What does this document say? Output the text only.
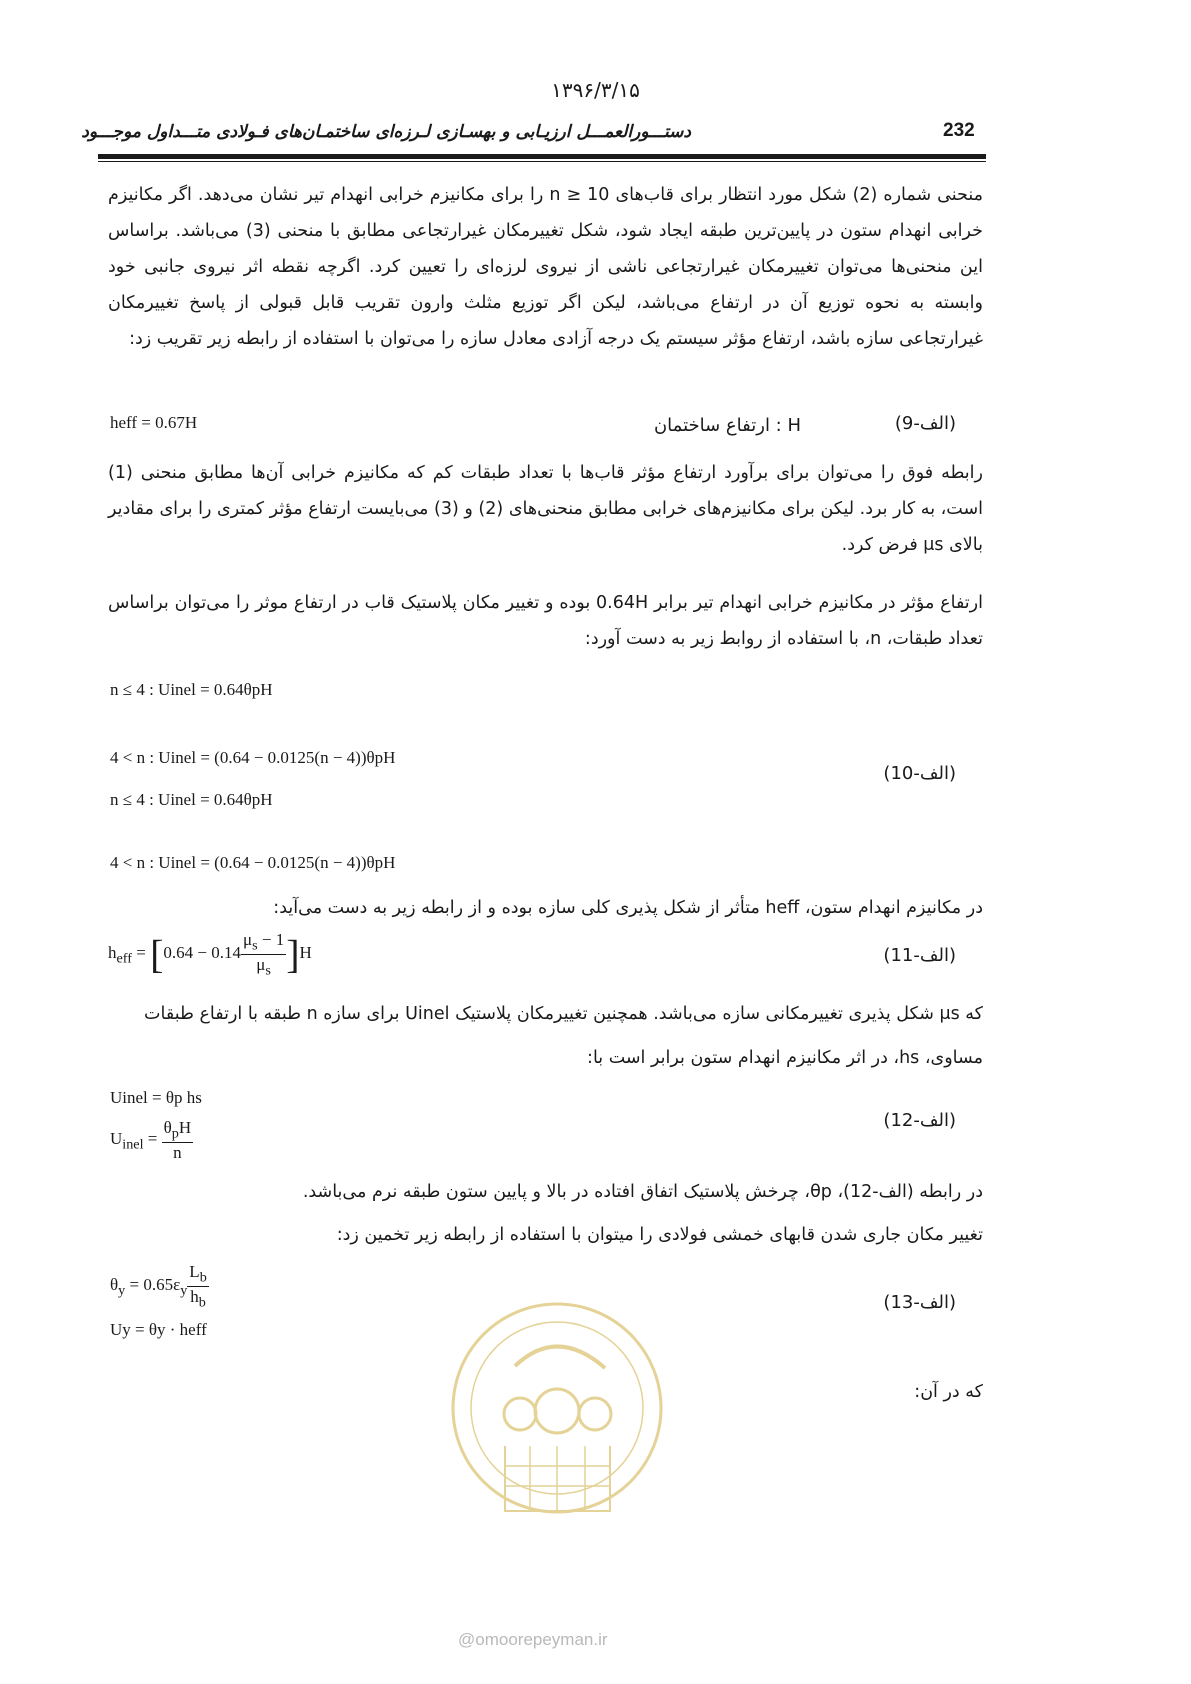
۱۳۹۶/۳/۱۵
دستـــورالعمـــل ارزیـابی و بهسـازی لـرزه‌ای ساختمـان‌های فـولادی متـــداول موجـــود	232
منحنی شماره (2) شکل مورد انتظار برای قاب‌های n ≥ 10 را برای مکانیزم خرابی انهدام تیر نشان می‌دهد. اگر مکانیزم خرابی انهدام ستون در پایین‌ترین طبقه ایجاد شود، شکل تغییرمکان غیرارتجاعی مطابق با منحنی (3) می‌باشد. براساس این منحنی‌ها می‌توان تغییرمکان غیرارتجاعی ناشی از نیروی لرزه‌ای را تعیین کرد. اگرچه نقطه اثر نیروی جانبی خود وابسته به نحوه توزیع آن در ارتفاع می‌باشد، لیکن اگر توزیع مثلث وارون تقریب قابل قبولی از پاسخ تغییرمکان غیرارتجاعی سازه باشد، ارتفاع مؤثر سیستم یک درجه آزادی معادل سازه را می‌توان با استفاده از رابطه زیر تقریب زد:
heff = 0.67H	H : ارتفاع ساختمان	(الف-9)
رابطه فوق را می‌توان برای برآورد ارتفاع مؤثر قاب‌ها با تعداد طبقات کم که مکانیزم خرابی آن‌ها مطابق منحنی (1) است، به کار برد. لیکن برای مکانیزم‌های خرابی مطابق منحنی‌های (2) و (3) می‌بایست ارتفاع مؤثر کمتری را برای مقادیر بالای μs فرض کرد.
ارتفاع مؤثر در مکانیزم خرابی انهدام تیر برابر 0.64H بوده و تغییر مکان پلاستیک قاب در ارتفاع موثر را می‌توان براساس تعداد طبقات، n، با استفاده از روابط زیر به دست آورد:
n ≤ 4 : Uinel = 0.64θpH
4 < n : Uinel = (0.64 − 0.0125(n − 4))θpH
(الف-10)
n ≤ 4 : Uinel = 0.64θpH
4 < n : Uinel = (0.64 − 0.0125(n − 4))θpH
در مکانیزم انهدام ستون، heff متأثر از شکل پذیری کلی سازه بوده و از رابطه زیر به دست می‌آید:
$h_{eff} = [0.64 - 0.14 \frac{\mu_s - 1}{\mu_s} ]H$	(الف-11)
که μs شکل پذیری تغییرمکانی سازه می‌باشد. همچنین تغییرمکان پلاستیک Uinel برای سازه n طبقه با ارتفاع طبقات
مساوی، hs، در اثر مکانیزم انهدام ستون برابر است با:
Uinel = θp hs
$U_{inel} = \frac{\theta_pH}{n}$	(الف-12)
در رابطه (الف-12)، θp، چرخش پلاستیک اتفاق افتاده در بالا و پایین ستون طبقه نرم می‌باشد.
تغییر مکان جاری شدن قابهای خمشی فولادی را میتوان با استفاده از رابطه زیر تخمین زد:
$\theta_y = 0.65\varepsilon_y \frac{L_b}{h_b}$
Uy = θy · heff
(الف-13)
که در آن:
@omoorepeyman.ir
